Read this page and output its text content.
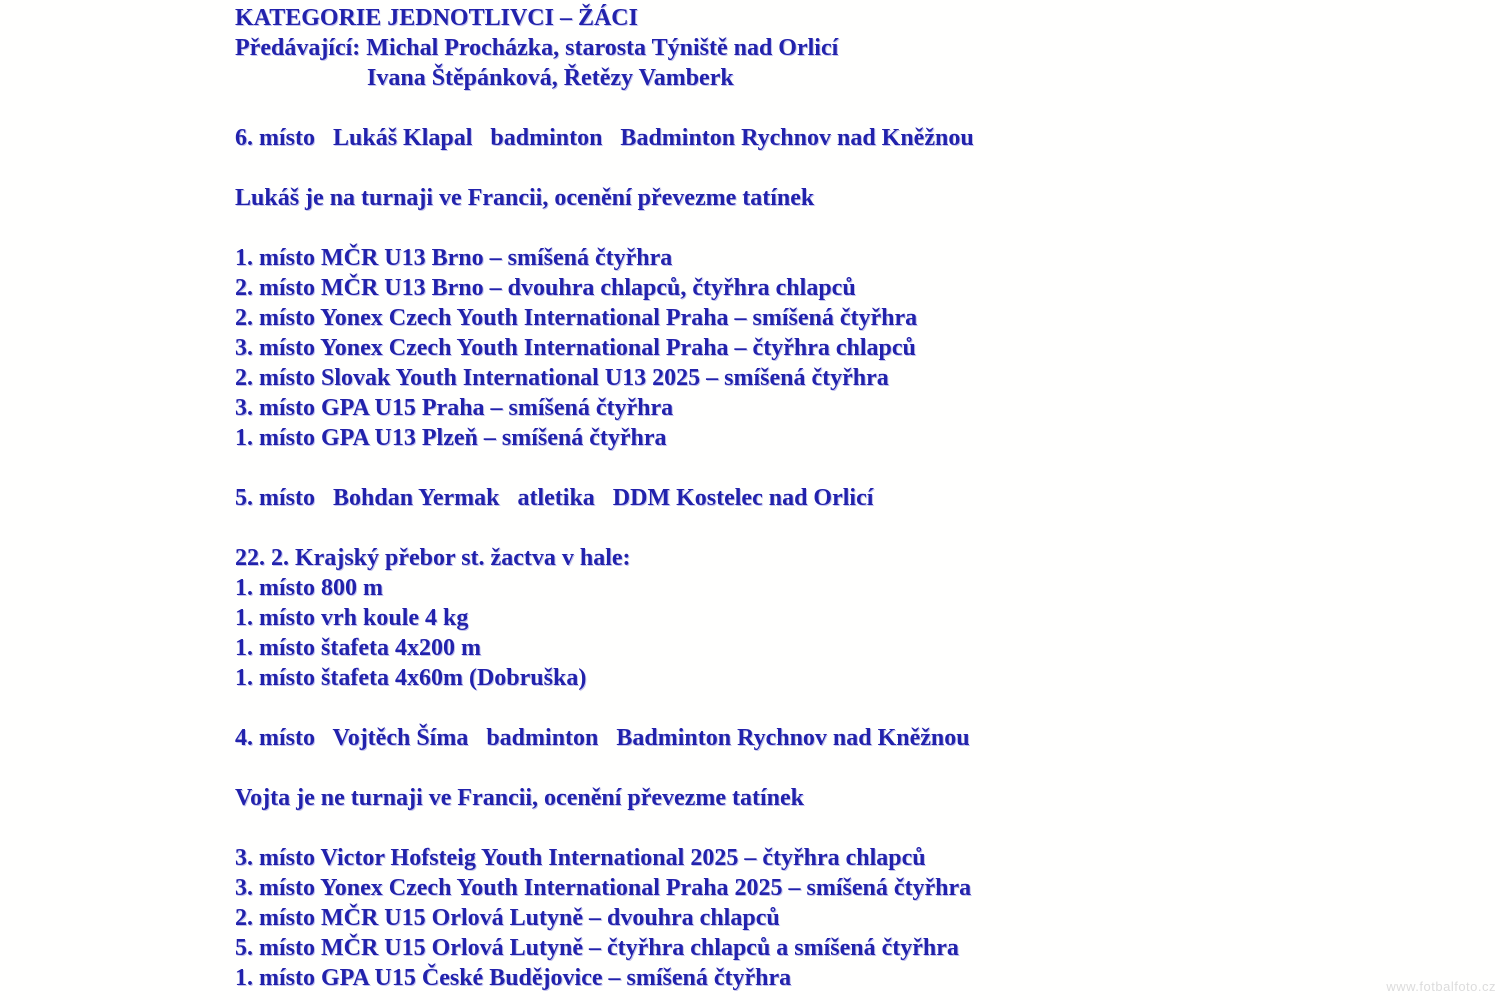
KATEGORIE JEDNOTLIVCI – ŽÁCI
Předávající: Michal Procházka, starosta Týniště nad Orlicí
Ivana Štěpánková, Řetězy Vamberk
6. místo   Lukáš Klapal   badminton   Badminton Rychnov nad Kněžnou
Lukáš je na turnaji ve Francii, ocenění převezme tatínek
1. místo MČR U13 Brno – smíšená čtyřhra
2. místo MČR U13 Brno – dvouhra chlapců, čtyřhra chlapců
2. místo Yonex Czech Youth International Praha – smíšená čtyřhra
3. místo Yonex Czech Youth International Praha – čtyřhra chlapců
2. místo Slovak Youth International U13 2025 – smíšená čtyřhra
3. místo GPA U15 Praha – smíšená čtyřhra
1. místo GPA U13 Plzeň – smíšená čtyřhra
5. místo   Bohdan Yermak   atletika   DDM Kostelec nad Orlicí
22. 2. Krajský přebor st. žactva v hale:
1. místo 800 m
1. místo vrh koule 4 kg
1. místo štafeta 4x200 m
1. místo štafeta 4x60m (Dobruška)
4. místo   Vojtěch Šíma   badminton   Badminton Rychnov nad Kněžnou
Vojta je ne turnaji ve Francii, ocenění převezme tatínek
3. místo Victor Hofsteig Youth International 2025 – čtyřhra chlapců
3. místo Yonex Czech Youth International Praha 2025 – smíšená čtyřhra
2. místo MČR U15 Orlová Lutyně – dvouhra chlapců
5. místo MČR U15 Orlová Lutyně – čtyřhra chlapců a smíšená čtyřhra
1. místo GPA U15 České Budějovice – smíšená čtyřhra	www.fotbalfoto.cz
